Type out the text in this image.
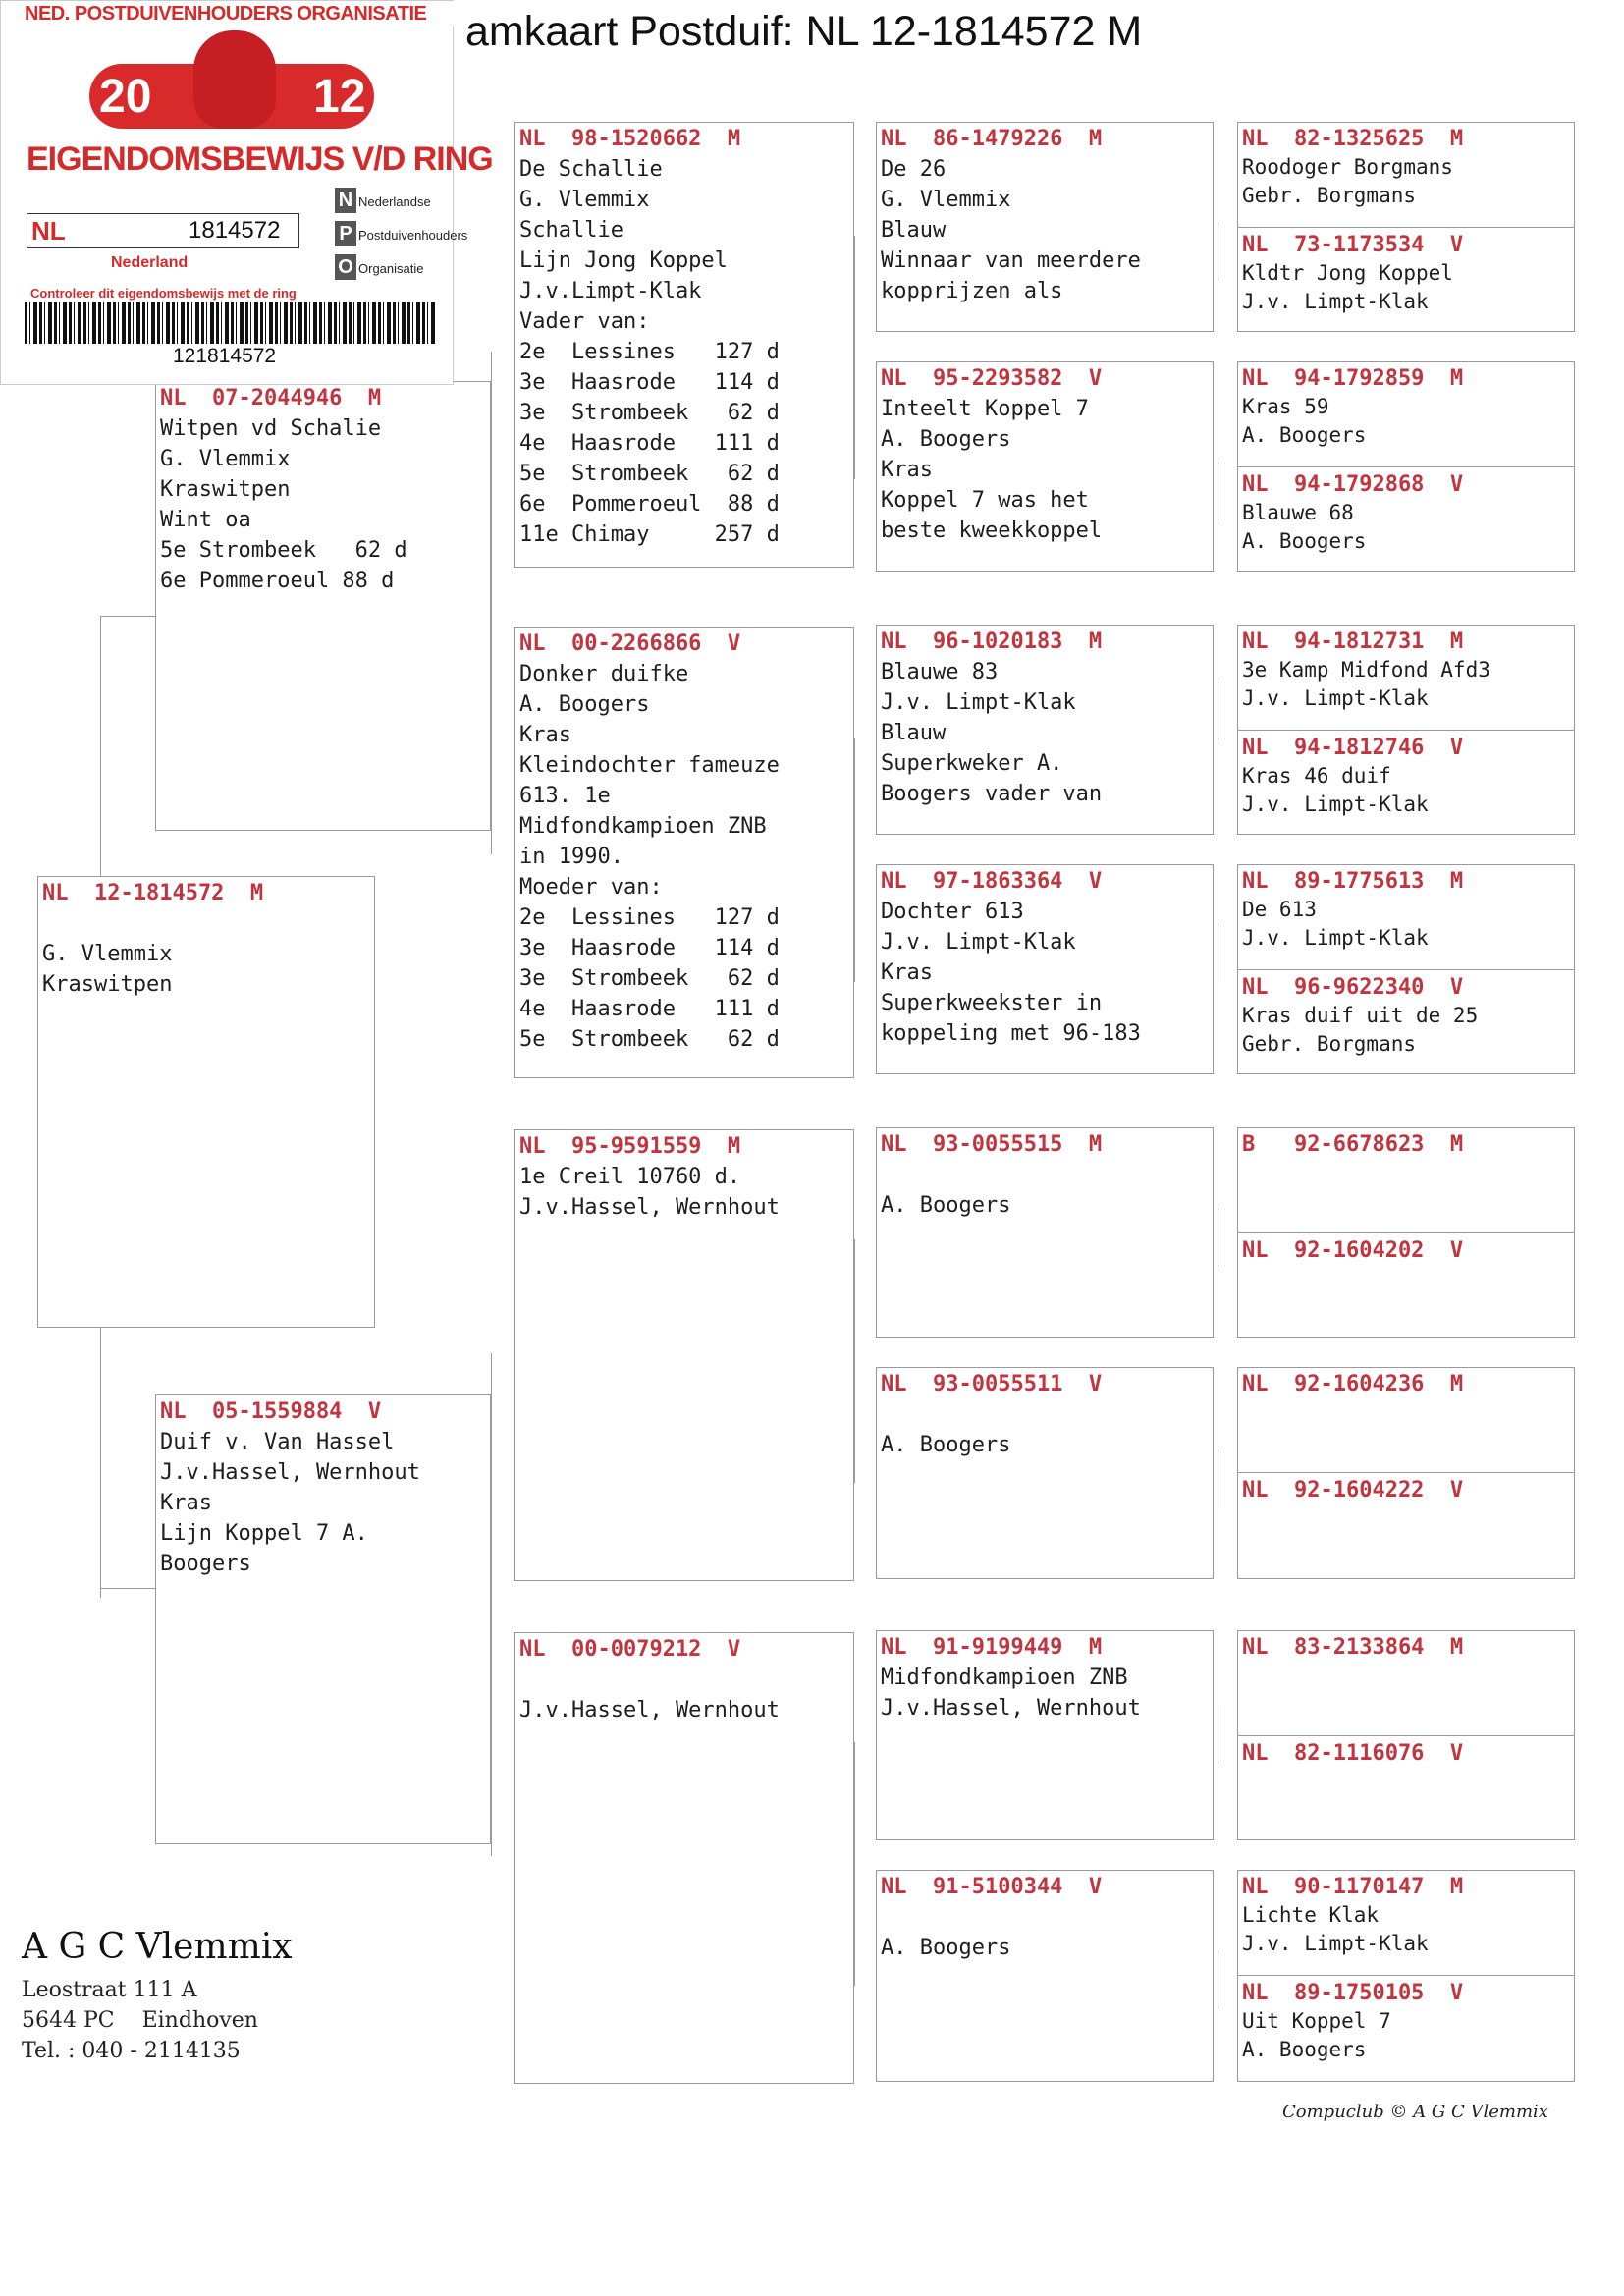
amkaart Postduif: NL 12-1814572 M
NL  12-1814572  M

G. Vlemmix
Kraswitpen
NL  07-2044946  M
Witpen vd Schalie
G. Vlemmix
Kraswitpen
Wint oa
5e Strombeek   62 d
6e Pommeroeul 88 d
NL  05-1559884  V
Duif v. Van Hassel
J.v.Hassel, Wernhout
Kras
Lijn Koppel 7 A.
Boogers
NL  98-1520662  M
De Schallie
G. Vlemmix
Schallie
Lijn Jong Koppel
J.v.Limpt-Klak
Vader van:
2e  Lessines   127 d
3e  Haasrode   114 d
3e  Strombeek   62 d
4e  Haasrode   111 d
5e  Strombeek   62 d
6e  Pommeroeul  88 d
11e Chimay     257 d
NL  00-2266866  V
Donker duifke
A. Boogers
Kras
Kleindochter fameuze
613. 1e
Midfondkampioen ZNB
in 1990.
Moeder van:
2e  Lessines   127 d
3e  Haasrode   114 d
3e  Strombeek   62 d
4e  Haasrode   111 d
5e  Strombeek   62 d
NL  95-9591559  M
1e Creil 10760 d.
J.v.Hassel, Wernhout
NL  00-0079212  V

J.v.Hassel, Wernhout
NL  86-1479226  M
De 26
G. Vlemmix
Blauw
Winnaar van meerdere
kopprijzen als
NL  95-2293582  V
Inteelt Koppel 7
A. Boogers
Kras
Koppel 7 was het
beste kweekkoppel
NL  96-1020183  M
Blauwe 83
J.v. Limpt-Klak
Blauw
Superkweker A.
Boogers vader van
NL  97-1863364  V
Dochter 613
J.v. Limpt-Klak
Kras
Superkweekster in
koppeling met 96-183
NL  93-0055515  M

A. Boogers
NL  93-0055511  V

A. Boogers
NL  91-9199449  M
Midfondkampioen ZNB
J.v.Hassel, Wernhout
NL  91-5100344  V

A. Boogers
NL  82-1325625  M
Roodoger Borgmans
Gebr. Borgmans
NL  73-1173534  V
Kldtr Jong Koppel
J.v. Limpt-Klak
NL  94-1792859  M
Kras 59
A. Boogers
NL  94-1792868  V
Blauwe 68
A. Boogers
NL  94-1812731  M
3e Kamp Midfond Afd3
J.v. Limpt-Klak
NL  94-1812746  V
Kras 46 duif
J.v. Limpt-Klak
NL  89-1775613  M
De 613
J.v. Limpt-Klak
NL  96-9622340  V
Kras duif uit de 25
Gebr. Borgmans
B   92-6678623  M
NL  92-1604202  V
NL  92-1604236  M
NL  92-1604222  V
NL  83-2133864  M
NL  82-1116076  V
NL  90-1170147  M
Lichte Klak
J.v. Limpt-Klak
NL  89-1750105  V
Uit Koppel 7
A. Boogers
NED. POSTDUIVENHOUDERS ORGANISATIE
20	12
EIGENDOMSBEWIJS V/D RING
NL	1814572
N Nederlandse
P Postduivenhouders
O Organisatie
Nederland
Controleer dit eigendomsbewijs met de ring
121814572
A G C Vlemmix
Leostraat 111 A
5644 PC    Eindhoven
Tel. : 040 - 2114135
Compuclub © A G C Vlemmix
